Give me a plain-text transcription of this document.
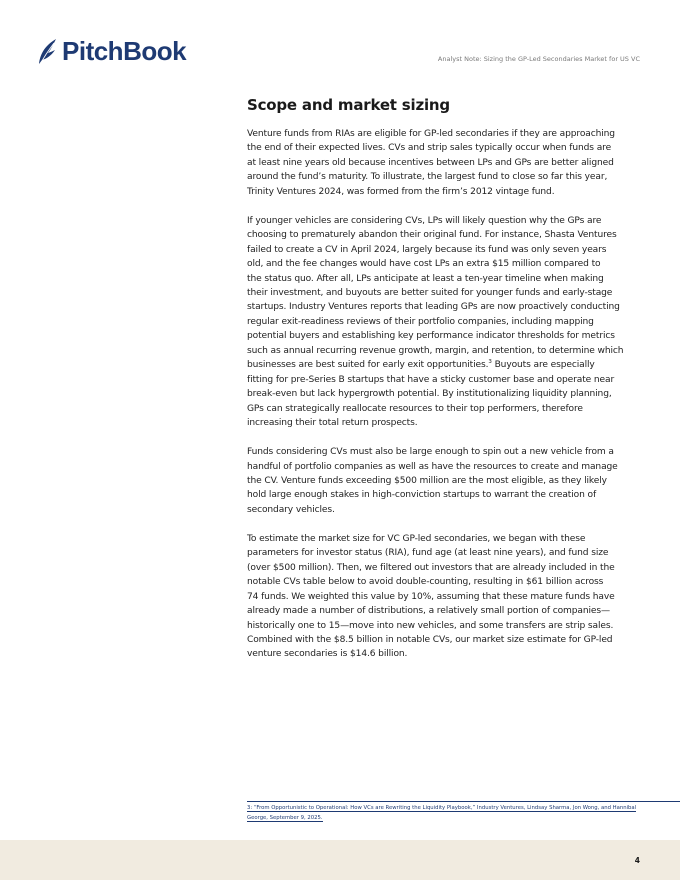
PitchBook	Analyst Note: Sizing the GP-Led Secondaries Market for US VC
Scope and market sizing
Venture funds from RIAs are eligible for GP-led secondaries if they are approaching
the end of their expected lives. CVs and strip sales typically occur when funds are
at least nine years old because incentives between LPs and GPs are better aligned
around the fund’s maturity. To illustrate, the largest fund to close so far this year,
Trinity Ventures 2024, was formed from the firm’s 2012 vintage fund.
If younger vehicles are considering CVs, LPs will likely question why the GPs are
choosing to prematurely abandon their original fund. For instance, Shasta Ventures
failed to create a CV in April 2024, largely because its fund was only seven years
old, and the fee changes would have cost LPs an extra $15 million compared to
the status quo. After all, LPs anticipate at least a ten-year timeline when making
their investment, and buyouts are better suited for younger funds and early-stage
startups. Industry Ventures reports that leading GPs are now proactively conducting
regular exit-readiness reviews of their portfolio companies, including mapping
potential buyers and establishing key performance indicator thresholds for metrics
such as annual recurring revenue growth, margin, and retention, to determine which
businesses are best suited for early exit opportunities.$^3$ Buyouts are especially
fitting for pre-Series B startups that have a sticky customer base and operate near
break-even but lack hypergrowth potential. By institutionalizing liquidity planning,
GPs can strategically reallocate resources to their top performers, therefore
increasing their total return prospects.
Funds considering CVs must also be large enough to spin out a new vehicle from a
handful of portfolio companies as well as have the resources to create and manage
the CV. Venture funds exceeding $500 million are the most eligible, as they likely
hold large enough stakes in high-conviction startups to warrant the creation of
secondary vehicles.
To estimate the market size for VC GP-led secondaries, we began with these
parameters for investor status (RIA), fund age (at least nine years), and fund size
(over $500 million). Then, we filtered out investors that are already included in the
notable CVs table below to avoid double-counting, resulting in $61 billion across
74 funds. We weighted this value by 10%, assuming that these mature funds have
already made a number of distributions, a relatively small portion of companies—
historically one to 15—move into new vehicles, and some transfers are strip sales.
Combined with the $8.5 billion in notable CVs, our market size estimate for GP-led
venture secondaries is $14.6 billion.
3: “From Opportunistic to Operational: How VCs are Rewriting the Liquidity Playbook,” Industry Ventures, Lindsay Sharma, Jon Wong, and Hannibal
George, September 9, 2025.
4
